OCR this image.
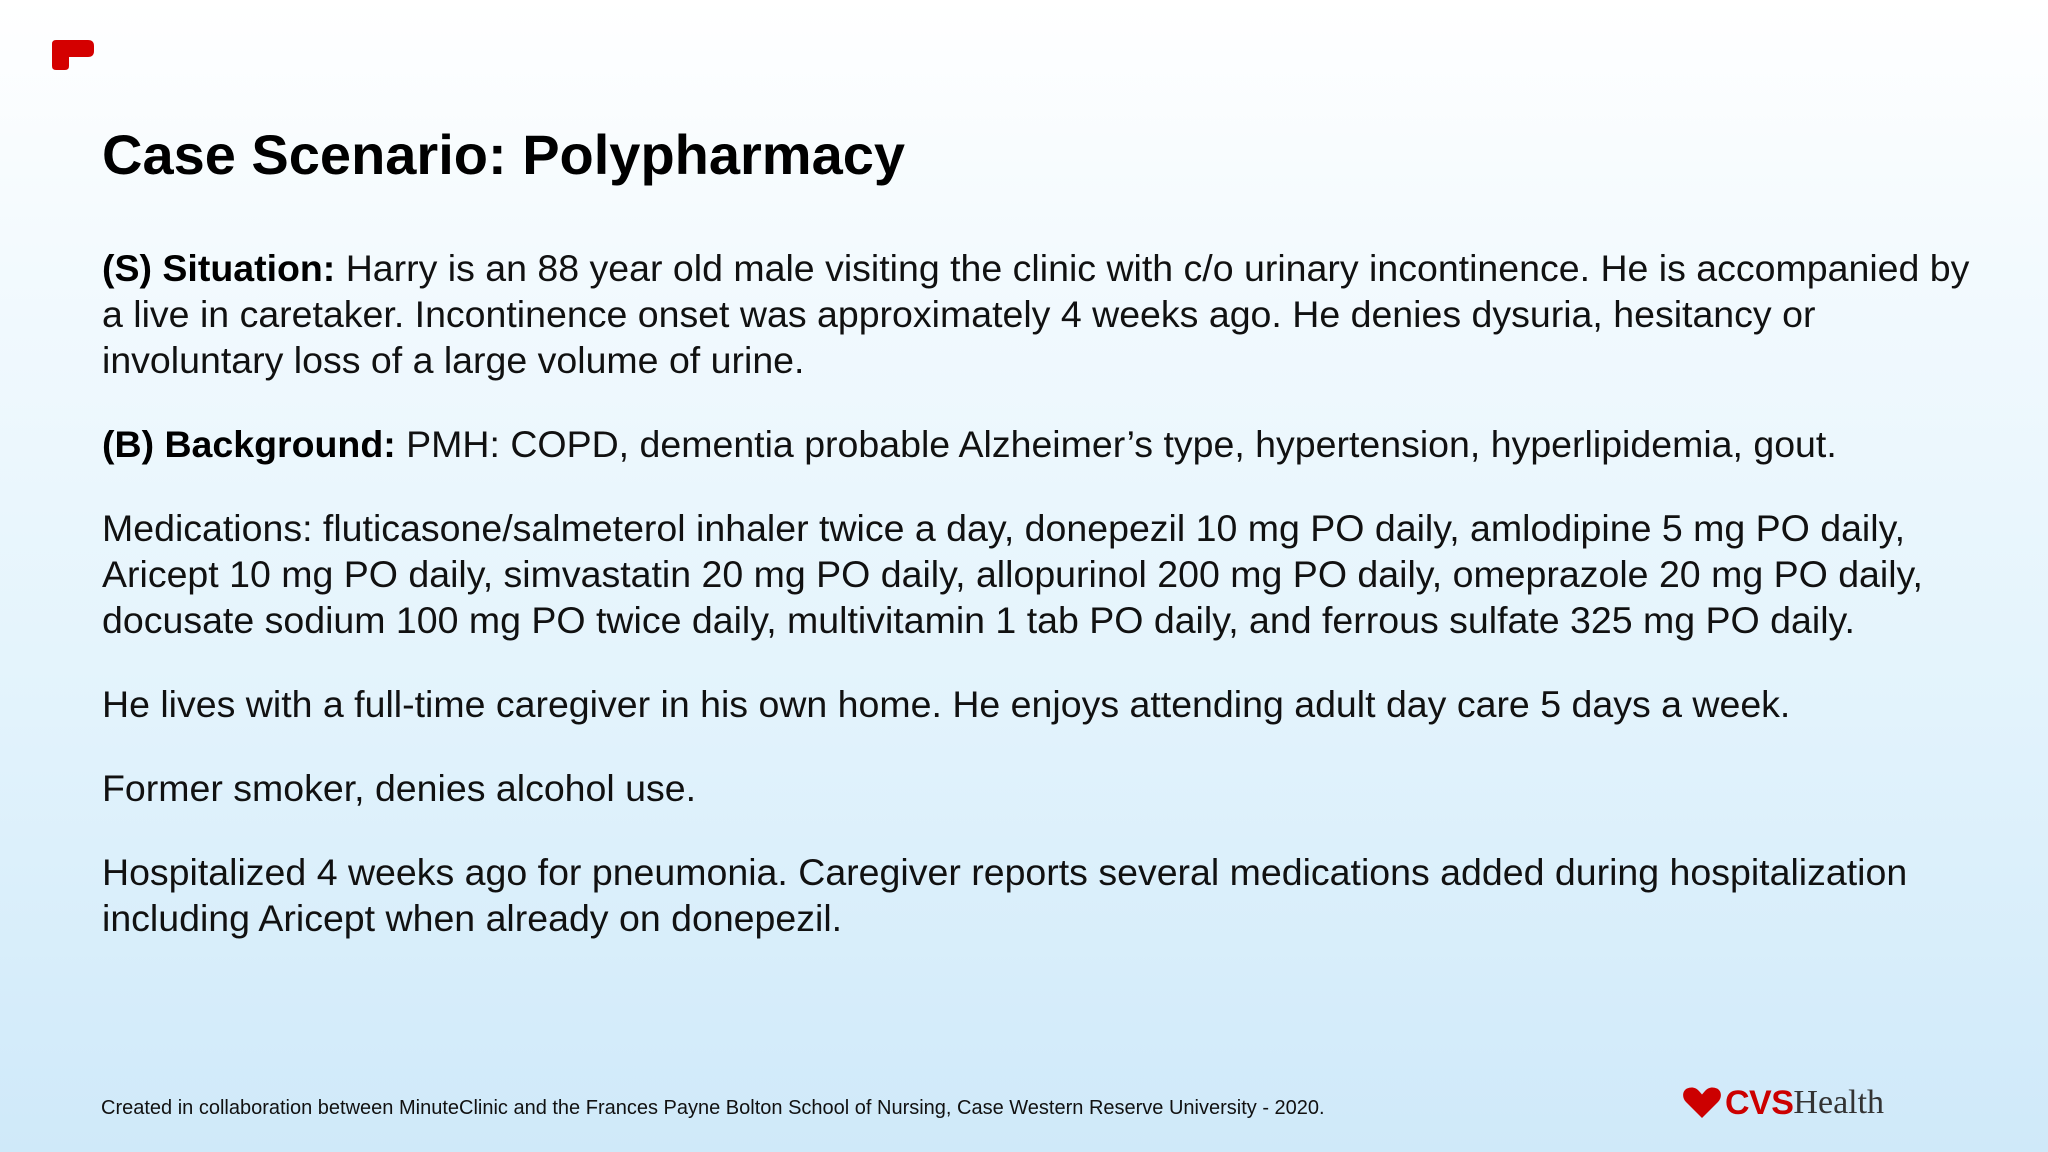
Case Scenario: Polypharmacy

(S) Situation: Harry is an 88 year old male visiting the clinic with c/o urinary incontinence. He is accompanied by a live in caretaker. Incontinence onset was approximately 4 weeks ago. He denies dysuria, hesitancy or involuntary loss of a large volume of urine.

(B) Background: PMH: COPD, dementia probable Alzheimer’s type, hypertension, hyperlipidemia, gout.

Medications: fluticasone/salmeterol inhaler twice a day, donepezil 10 mg PO daily, amlodipine 5 mg PO daily, Aricept 10 mg PO daily, simvastatin 20 mg PO daily, allopurinol 200 mg PO daily, omeprazole 20 mg PO daily, docusate sodium 100 mg PO twice daily, multivitamin 1 tab PO daily, and ferrous sulfate 325 mg PO daily.

He lives with a full-time caregiver in his own home. He enjoys attending adult day care 5 days a week.

Former smoker, denies alcohol use.

Hospitalized 4 weeks ago for pneumonia. Caregiver reports several medications added during hospitalization including Aricept when already on donepezil.

Created in collaboration between MinuteClinic and the Frances Payne Bolton School of Nursing, Case Western Reserve University - 2020.	CVS Health
